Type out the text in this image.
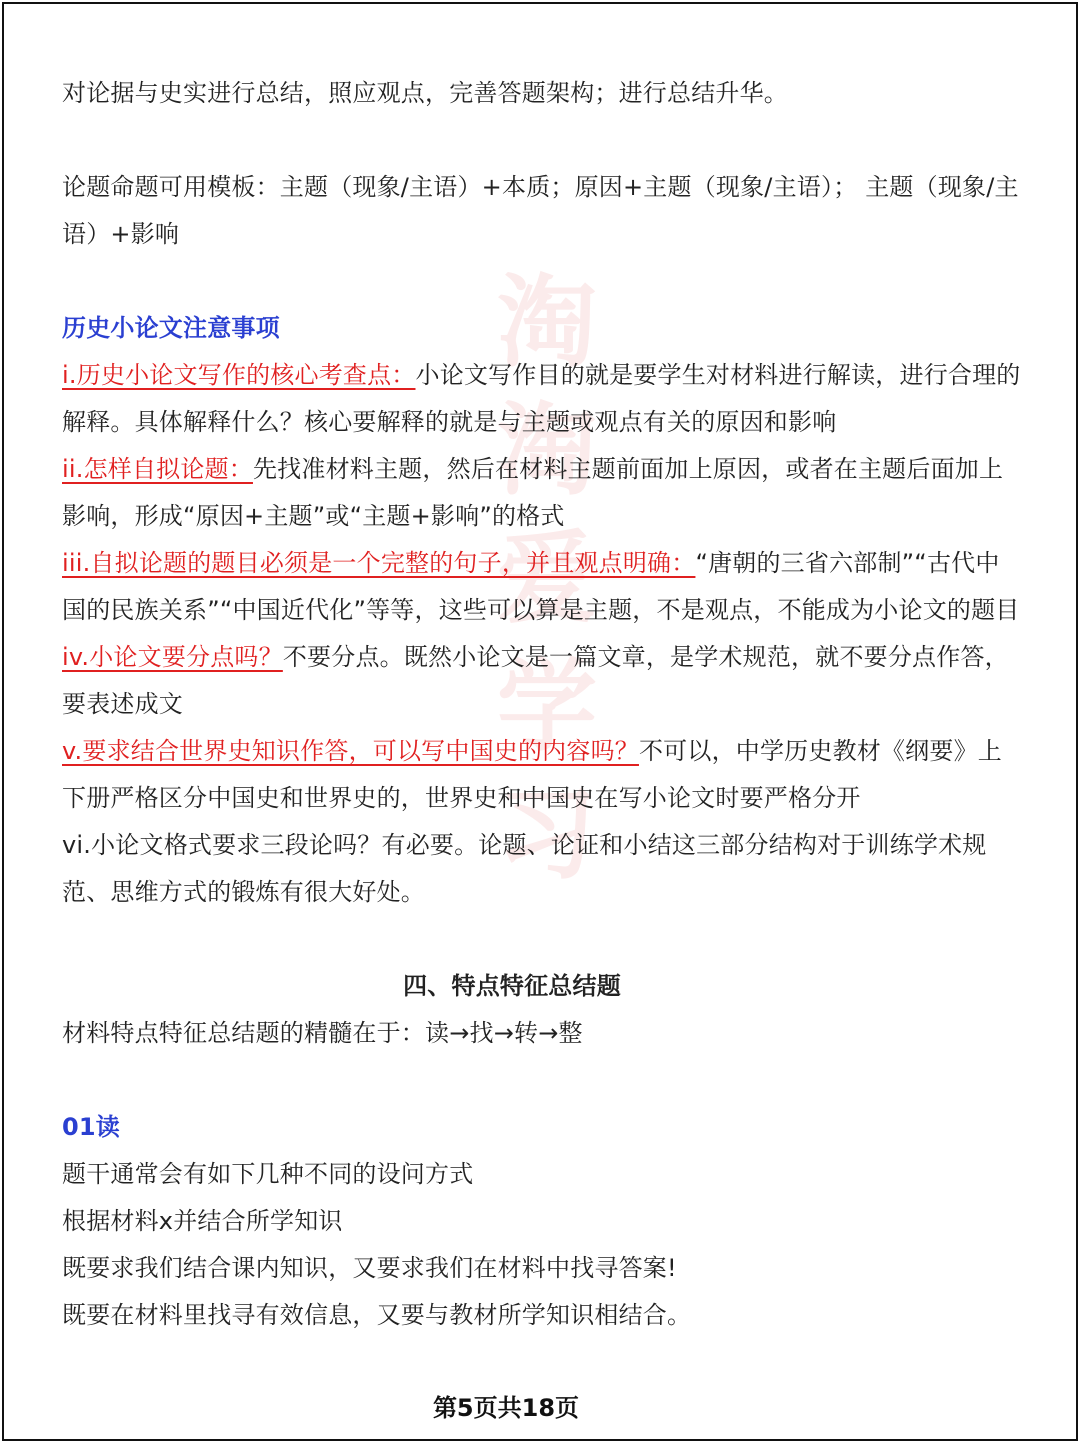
淘
淘
爱
学
习

对论据与史实进行总结，照应观点，完善答题架构；进行总结升华。

论题命题可用模板：主题（现象/主语）+本质；原因+主题（现象/主语）； 主题（现象/主语）+影响

历史小论文注意事项

i.历史小论文写作的核心考查点：小论文写作目的就是要学生对材料进行解读，进行合理的解释。具体解释什么？核心要解释的就是与主题或观点有关的原因和影响

ii.怎样自拟论题：先找准材料主题，然后在材料主题前面加上原因，或者在主题后面加上影响，形成“原因+主题”或“主题+影响”的格式

iii.自拟论题的题目必须是一个完整的句子，并且观点明确：“唐朝的三省六部制”“古代中国的民族关系”“中国近代化”等等，这些可以算是主题，不是观点，不能成为小论文的题目

iv.小论文要分点吗？不要分点。既然小论文是一篇文章，是学术规范，就不要分点作答，要表述成文

v.要求结合世界史知识作答，可以写中国史的内容吗？不可以，中学历史教材《纲要》上下册严格区分中国史和世界史的，世界史和中国史在写小论文时要严格分开

vi.小论文格式要求三段论吗？有必要。论题、论证和小结这三部分结构对于训练学术规范、思维方式的锻炼有很大好处。

四、特点特征总结题

材料特点特征总结题的精髓在于：读→找→转→整

01读

题干通常会有如下几种不同的设问方式

根据材料x并结合所学知识

既要求我们结合课内知识，又要求我们在材料中找寻答案!

既要在材料里找寻有效信息，又要与教材所学知识相结合。

第5页共18页
